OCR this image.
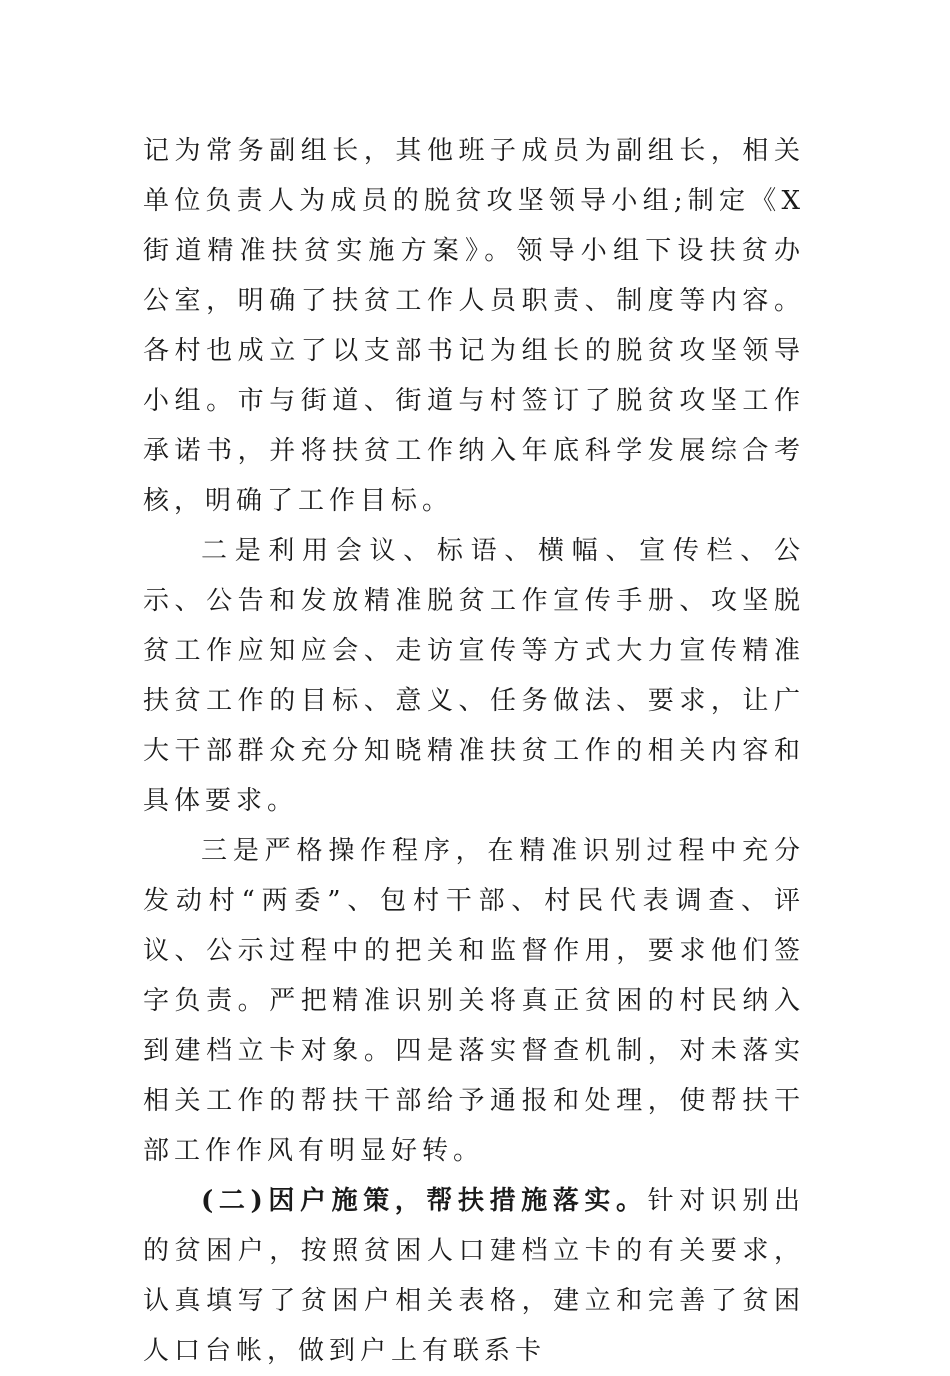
记为常务副组长，其他班子成员为副组长，相关单位负责人为成员的脱贫攻坚领导小组;制定《X街道精准扶贫实施方案》。领导小组下设扶贫办公室，明确了扶贫工作人员职责、制度等内容。各村也成立了以支部书记为组长的脱贫攻坚领导小组。市与街道、街道与村签订了脱贫攻坚工作承诺书，并将扶贫工作纳入年底科学发展综合考核，明确了工作目标。

二是利用会议、标语、横幅、宣传栏、公示、公告和发放精准脱贫工作宣传手册、攻坚脱贫工作应知应会、走访宣传等方式大力宣传精准扶贫工作的目标、意义、任务做法、要求，让广大干部群众充分知晓精准扶贫工作的相关内容和具体要求。

三是严格操作程序，在精准识别过程中充分发动村“两委”、包村干部、村民代表调查、评议、公示过程中的把关和监督作用，要求他们签字负责。严把精准识别关将真正贫困的村民纳入到建档立卡对象。四是落实督查机制，对未落实相关工作的帮扶干部给予通报和处理，使帮扶干部工作作风有明显好转。

(二)因户施策，帮扶措施落实。针对识别出的贫困户，按照贫困人口建档立卡的有关要求，认真填写了贫困户相关表格，建立和完善了贫困人口台帐，做到户上有联系卡
